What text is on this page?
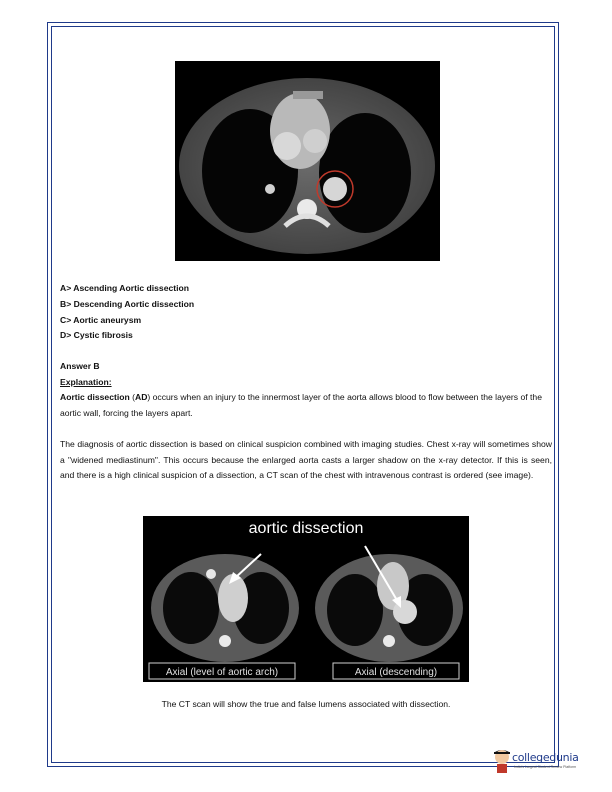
A> Ascending Aortic dissection
B> Descending Aortic dissection
C> Aortic aneurysm
D> Cystic fibrosis
Answer B
Explanation:
Aortic dissection (AD) occurs when an injury to the innermost layer of the aorta allows blood to flow between the layers of the aortic wall, forcing the layers apart.
The diagnosis of aortic dissection is based on clinical suspicion combined with imaging studies. Chest x-ray will sometimes show a "widened mediastinum". This occurs because the enlarged aorta casts a larger shadow on the x-ray detector. If this is seen, and there is a high clinical suspicion of a dissection, a CT scan of the chest with intravenous contrast is ordered (see image).
aortic dissection
Axial (level of aortic arch)	Axial (descending)
The CT scan will show the true and false lumens associated with dissection.
collegedunia
India's Largest Student Review Platform
